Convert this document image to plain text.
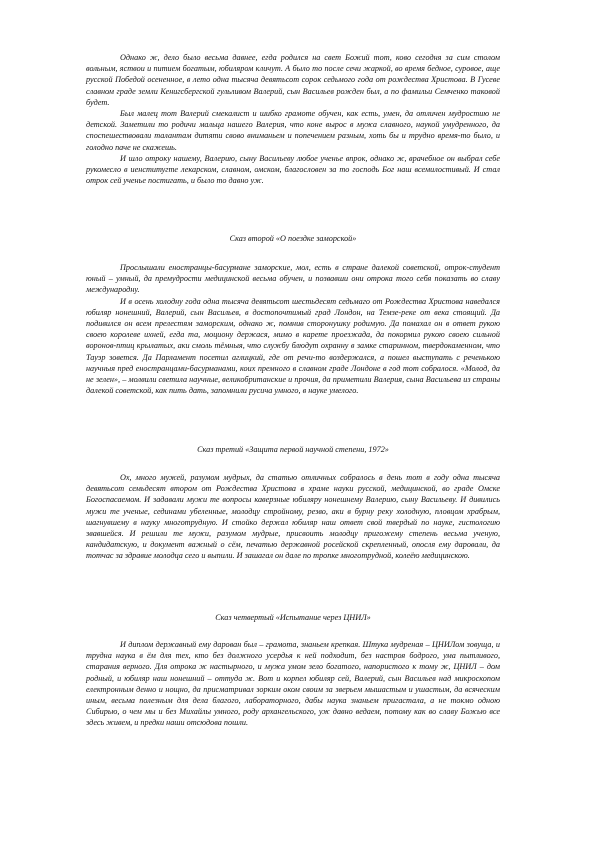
Однако ж, дело было весьма давнее, егда родился на свет Божий тот, ково сегодня за сим столом вольным, яствои и питием богатым, юбиляром кличут. А было то после сечи жаркой, во время бедное, суровое, аще русской Победой осененное, в лето одна тысяча девятьсот сорок седьмого года от рождества Христова. В Гусеве славном граде земли Кенигсбергской гульливом Валерий, сын Васильев рожден был, а по фамильи Семченко таковой будет.

Был малец тот Валерий смекалист и шибко грамоте обучен, как есть, умен, да отличен мудростию не детской. Заметили то родичи мальца нашего Валерия, что коне вырос в мужа славного, наукой умудренного, да споспешествовали талантам дитяти свово вниманьем и попечением разным, хоть бы и трудно время-то было, и голодно паче не скажешь.

И шло отроку нашему, Валерию, сыну Васильеву любое ученье впрок, однако ж, врачебное он выбрал себе рукомесло в иенститугте лекарском, славном, омском, благословен за то господь Бог наш всемилостивый. И стал отрок сей ученье постигать, и было то давно уж.

Сказ второй «О поездке заморской»

Прослышали еностранцы-басурмане заморские, мол, есть в стране далекой советской, отрок-студент юный – умный, да премудрости медицинской весьма обучен, и позвавши они отрока того себя показать во славу международну.

И в осень холодну года одна тысяча девятьсот шестьдесят седьмаго от Рождества Христова наведался юбиляр нонешний, Валерий, сын Васильев, в достопочтимый град Лондон, на Темзе-реке от века стоящий. Да подивился он всем прелестям заморским, однако ж, помнив сторонушку родимую. Да помахал он в ответ рукою своею королеве ихней, егда та, моциону держася, мимо в карете проезжада, да покормил рукою своею сильной воронов-птиц крылатых, аки смоль тёмныя, что службу блюдут охранну в замке старинном, твердокаменном, что Тауэр зовется. Да Парламент посетил аглицкий, где от речи-то воздержался, а пошел выступать с реченькою научныя пред еностранцами-басурманами, коих премного в славном граде Лондоне в год тот собралося. «Молод, да не зелен», – молвили светила научные, великобританские и прочия, да приметили Валерия, сына Васильева из страны далекой советской, как пить дать, запомнили русича умного, в науке умелого.

Сказ третий «Защита первой научной степени, 1972»

Ох, много мужей, разумом мудрых, да статью отличных собралось в день тот в году одна тысяча девятьсот семьдесят втором от Рождества Христова в храме науки русской, медицинской, во граде Омске Богоспасаемом. И задавали мужи те вопросы каверзные юбиляру нонешнему Валерию, сыну Васильеву. И дивились мужи те ученые, сединами убеленные, молодцу стройному, резво, аки в бурну реку холодную, пловцом храбрым, шагнувшему в науку многотрудную. И стойко держал юбиляр наш ответ свой твердый по науке, гистологию звавшейся. И решили те мужи, разумом мудрые, присвоить молодцу пригожему степень весьма ученую, кандидатскую, и документ важный о сём, печатью державной росейской скрепленный, опосля ему даровали, да тотчас за здравие молодца сего и выпили. И зашагал он дале по тропке многотрудной, колеёю медицинскою.

Сказ четвертый «Испытание через ЦНИЛ»

И диплом державный ему дарован был – грамота, знаньем крепкая. Штука мудреная – ЦНИЛом зовуща, и трудна наука в ём для тех, кто без должного усердья к ней подходит, без настроя бодрого, ума пытливого, старания верного. Для отрока ж настырного, и мужа умом зело богатого, напористого к тому ж, ЦНИЛ – дом родный, и юбиляр наш нонешний – оттуда ж. Вот и корпел юбиляр сей, Валерий, сын Васильев над микроскопом електронным денно и нощно, да присматривал зорким оком своим за зверьем мышастым и ушастым, да всяческим иным, весьма полезным для дела благого, лабораторного, дабы наука знаньем пригасталa, а не токмо одною Сибирью, о чем мы и без Михайлы умного, роду архангельского, уж давно ведаем, потому как во славу Божью все здесь живем, и предки наши отсюдова пошли.
